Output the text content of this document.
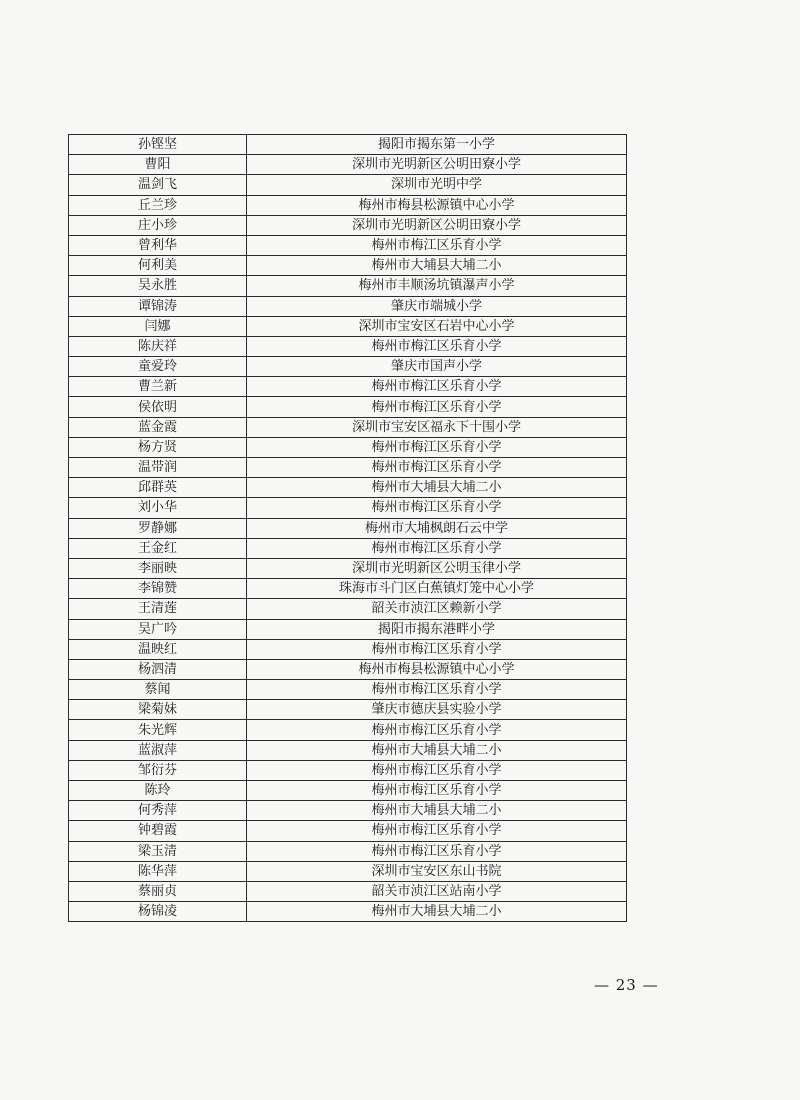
孙铿坚	揭阳市揭东第一小学
曹阳	深圳市光明新区公明田寮小学
温剑飞	深圳市光明中学
丘兰珍	梅州市梅县松源镇中心小学
庄小珍	深圳市光明新区公明田寮小学
曾利华	梅州市梅江区乐育小学
何利美	梅州市大埔县大埔二小
吴永胜	梅州市丰顺汤坑镇瀑声小学
谭锦涛	肇庆市端城小学
闫娜	深圳市宝安区石岩中心小学
陈庆祥	梅州市梅江区乐育小学
童爱玲	肇庆市国声小学
曹兰新	梅州市梅江区乐育小学
侯依明	梅州市梅江区乐育小学
蓝金霞	深圳市宝安区福永下十围小学
杨方贤	梅州市梅江区乐育小学
温带润	梅州市梅江区乐育小学
邱群英	梅州市大埔县大埔二小
刘小华	梅州市梅江区乐育小学
罗静娜	梅州市大埔枫朗石云中学
王金红	梅州市梅江区乐育小学
李丽映	深圳市光明新区公明玉律小学
李锦赞	珠海市斗门区白蕉镇灯笼中心小学
王清莲	韶关市浈江区赖新小学
吴广吟	揭阳市揭东港畔小学
温映红	梅州市梅江区乐育小学
杨泗清	梅州市梅县松源镇中心小学
蔡闻	梅州市梅江区乐育小学
梁菊妹	肇庆市德庆县实验小学
朱光辉	梅州市梅江区乐育小学
蓝淑萍	梅州市大埔县大埔二小
邹衍芬	梅州市梅江区乐育小学
陈玲	梅州市梅江区乐育小学
何秀萍	梅州市大埔县大埔二小
钟碧霞	梅州市梅江区乐育小学
梁玉清	梅州市梅江区乐育小学
陈华萍	深圳市宝安区东山书院
蔡丽贞	韶关市浈江区站南小学
杨锦凌	梅州市大埔县大埔二小
— 23 —
